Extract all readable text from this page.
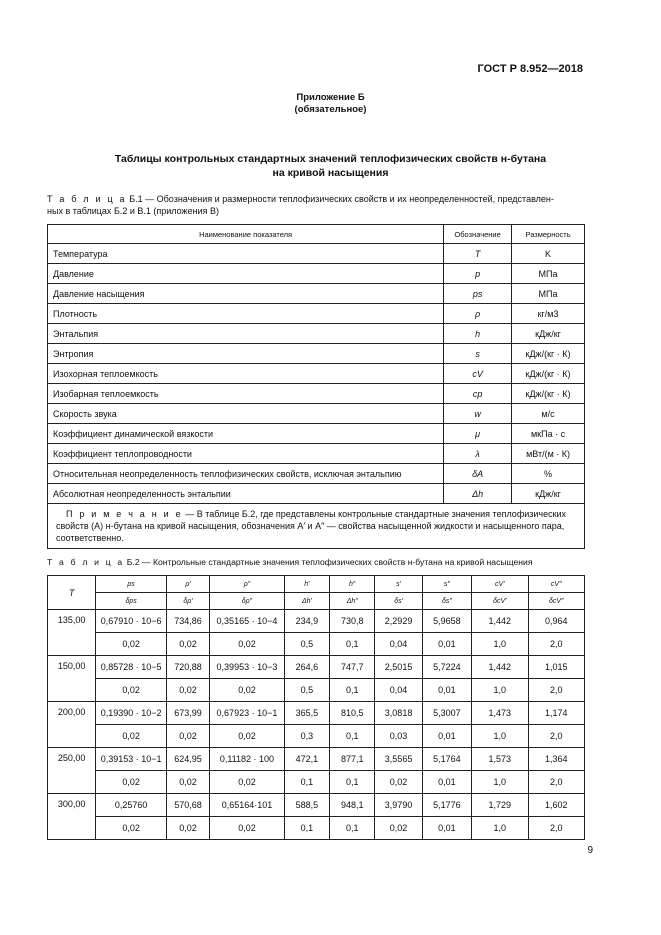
ГОСТ Р 8.952—2018
Приложение Б
(обязательное)
Таблицы контрольных стандартных значений теплофизических свойств н-бутана
на кривой насыщения
Т а б л и ц а Б.1 — Обозначения и размерности теплофизических свойств и их неопределенностей, представлен-
ных в таблицах Б.2 и В.1 (приложения В)
Наименование показателя	Обозначение	Размерность
Температура	T	K
Давление	p	МПа
Давление насыщения	ps	МПа
Плотность	ρ	кг/м3
Энтальпия	h	кДж/кг
Энтропия	s	кДж/(кг · К)
Изохорная теплоемкость	cV	кДж/(кг · К)
Изобарная теплоемкость	cp	кДж/(кг · К)
Скорость звука	w	м/с
Коэффициент динамической вязкости	μ	мкПа · с
Коэффициент теплопроводности	λ	мВт/(м · К)
Относительная неопределенность теплофизических свойств, исключая энтальпию	δA	%
Абсолютная неопределенность энтальпии	Δh	кДж/кг
П р и м е ч а н и е — В таблице Б.2, где представлены контрольные стандартные значения теплофизических свойств (A) н-бутана на кривой насыщения, обозначения A′ и A″ — свойства насыщенной жидкости и насыщенного пара, соответственно.		
Т а б л и ц а Б.2 — Контрольные стандартные значения теплофизических свойств н-бутана на кривой насыщения
T	ps	ρ′	ρ″	h′	h″	s′	s″	cV′	cV″
	δps	δρ′	δρ″	Δh′	Δh″	δs′	δs″	δcV′	δcV″
135,00	0,67910 · 10−6	734,86	0,35165 · 10−4	234,9	730,8	2,2929	5,9658	1,442	0,964
	0,02	0,02	0,02	0,5	0,1	0,04	0,01	1,0	2,0
150,00	0,85728 · 10−5	720,88	0,39953 · 10−3	264,6	747,7	2,5015	5,7224	1,442	1,015
	0,02	0,02	0,02	0,5	0,1	0,04	0,01	1,0	2,0
200,00	0,19390 · 10−2	673,99	0,67923 · 10−1	365,5	810,5	3,0818	5,3007	1,473	1,174
	0,02	0,02	0,02	0,3	0,1	0,03	0,01	1,0	2,0
250,00	0,39153 · 10−1	624,95	0,11182 · 100	472,1	877,1	3,5565	5,1764	1,573	1,364
	0,02	0,02	0,02	0,1	0,1	0,02	0,01	1,0	2,0
300,00	0,25760	570,68	0,65164·101	588,5	948,1	3,9790	5,1776	1,729	1,602
	0,02	0,02	0,02	0,1	0,1	0,02	0,01	1,0	2,0
9
